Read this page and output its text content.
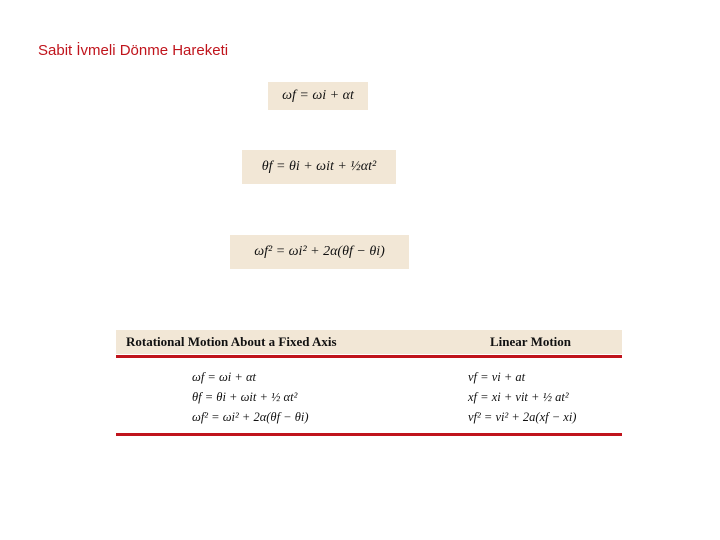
Sabit İvmeli Dönme Hareketi
ωf = ωi + αt
θf = θi + ωit + ½αt²
ωf² = ωi² + 2α(θf − θi)
Rotational Motion About a Fixed Axis	Linear Motion
ωf = ωi + αt
θf = θi + ωit + ½ αt²
ωf² = ωi² + 2α(θf − θi)
vf = vi + at
xf = xi + vit + ½ at²
vf² = vi² + 2a(xf − xi)
